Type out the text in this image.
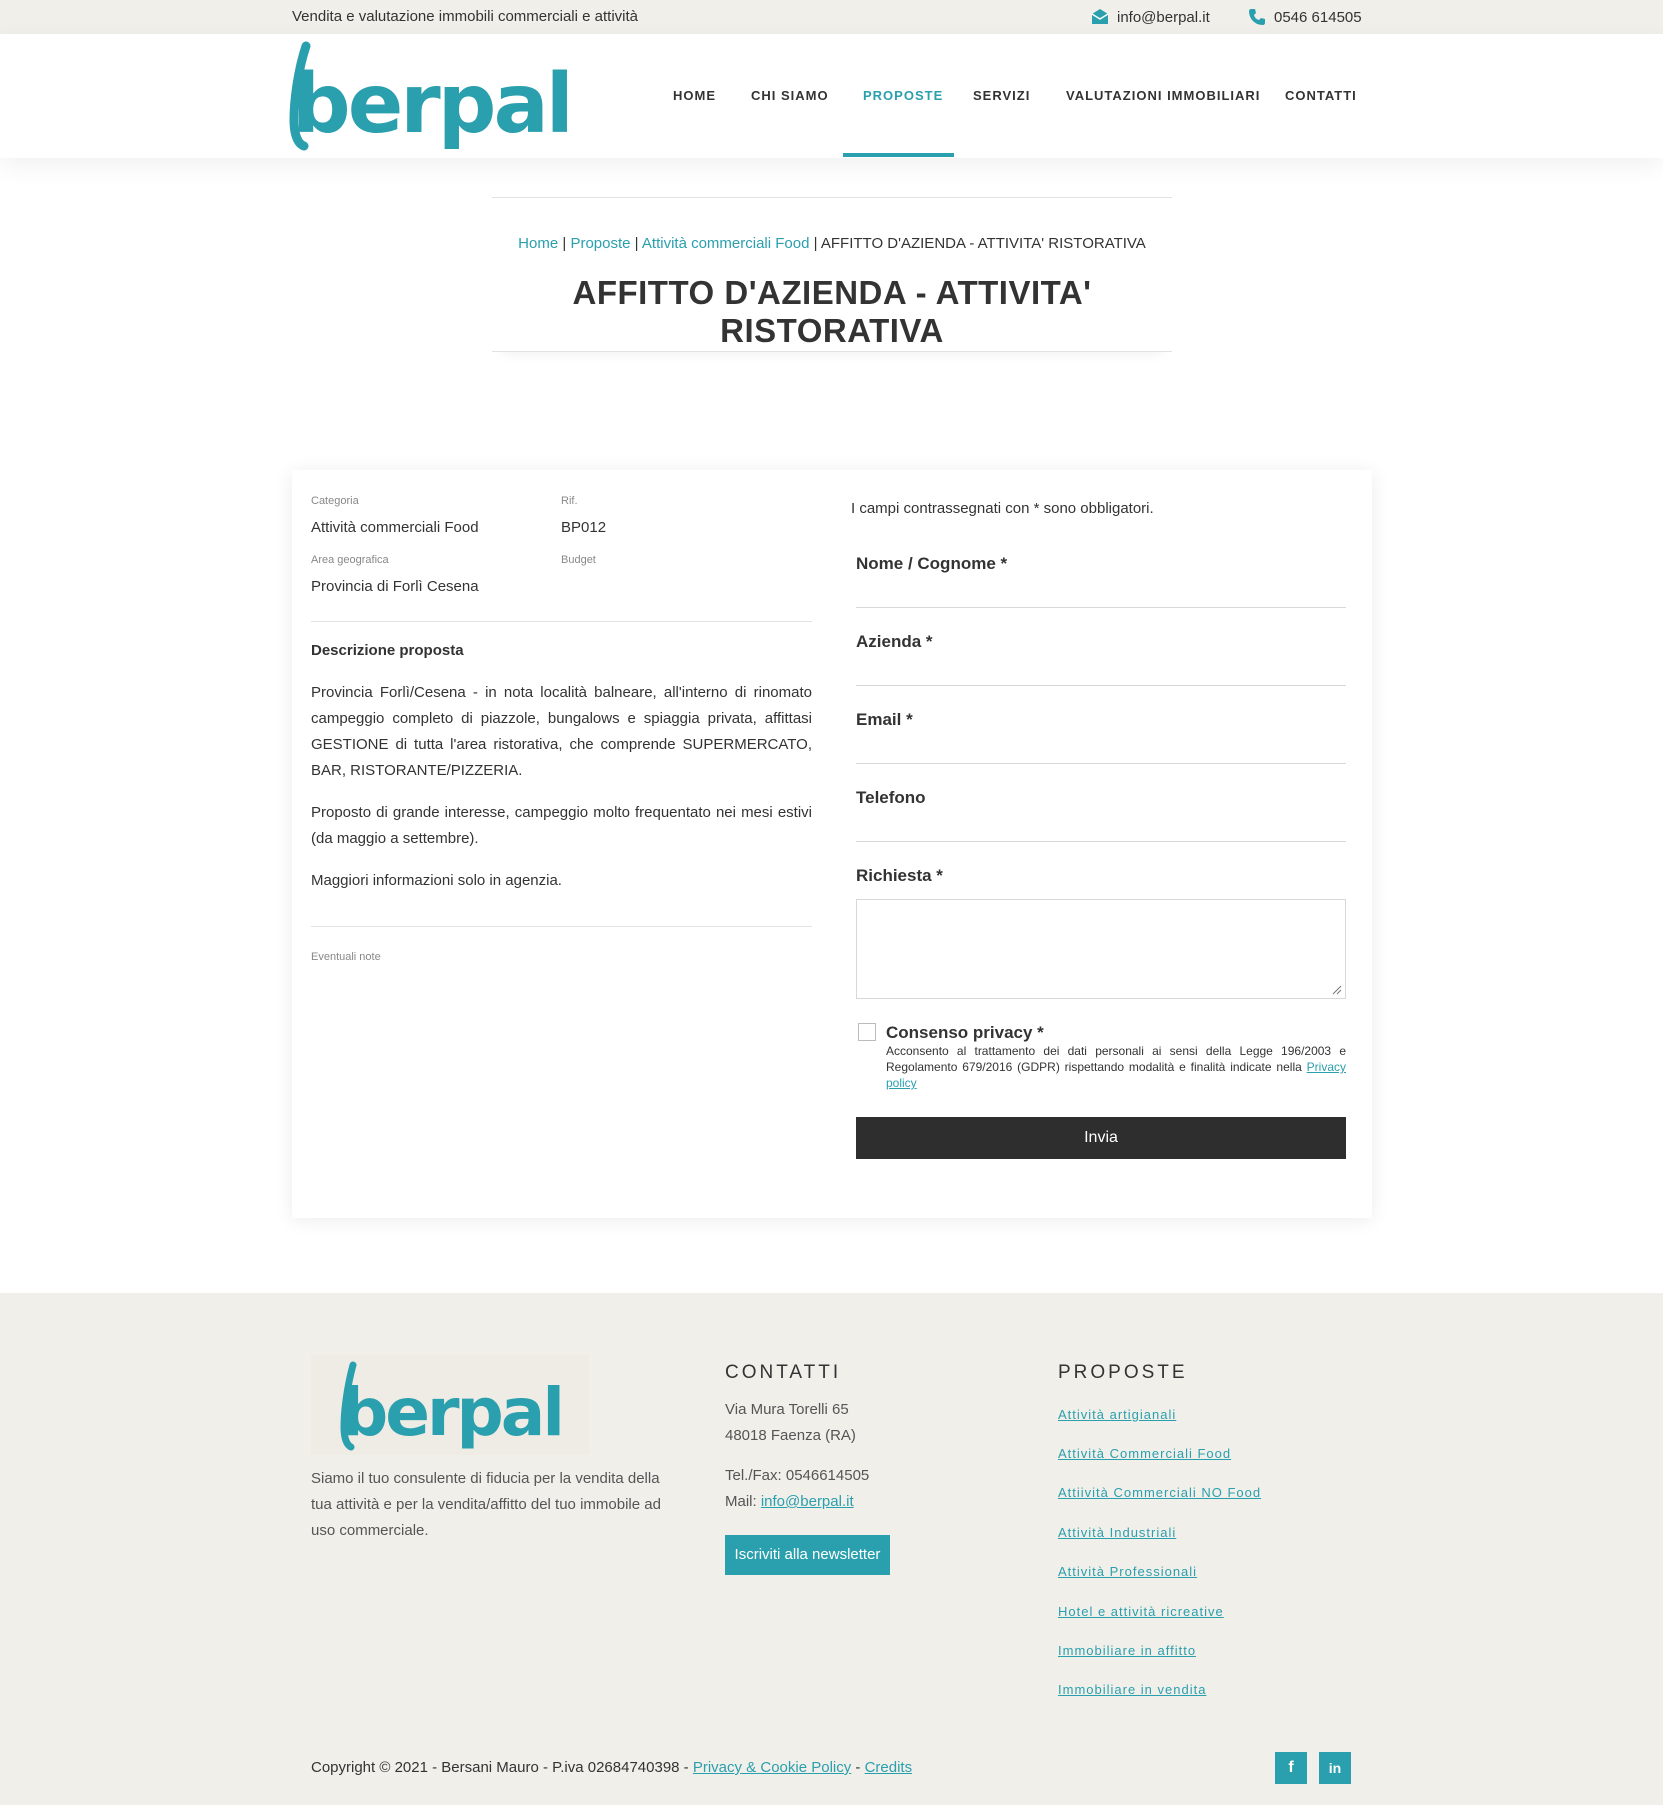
Vendita e valutazione immobili commerciali e attività	info@berpal.it	0546 614505
berpal	HOME	CHI SIAMO	PROPOSTE SERVIZI	VALUTAZIONI IMMOBILIARI CONTATTI
Home | Proposte | Attività commerciali Food | AFFITTO D'AZIENDA - ATTIVITA' RISTORATIVA
AFFITTO D'AZIENDA - ATTIVITA' RISTORATIVA
Categoria
Attività commerciali Food
Rif.
BP012
Area geografica
Provincia di Forlì Cesena
Budget
Descrizione proposta

Provincia Forlì/Cesena - in nota località balneare, all'interno di rinomato campeggio completo di piazzole, bungalows e spiaggia privata, affittasi GESTIONE di tutta l'area ristorativa, che comprende SUPERMERCATO, BAR, RISTORANTE/PIZZERIA.

Proposto di grande interesse, campeggio molto frequentato nei mesi estivi (da maggio a settembre).

Maggiori informazioni solo in agenzia.

Eventuali note
I campi contrassegnati con * sono obbligatori.
Nome / Cognome *
Azienda *
Email *
Telefono
Richiesta *
Consenso privacy *
Acconsento al trattamento dei dati personali ai sensi della Legge 196/2003 e Regolamento 679/2016 (GDPR) rispettando modalità e finalità indicate nella Privacy policy
Invia
berpal

Siamo il tuo consulente di fiducia per la vendita della tua attività e per la vendita/affitto del tuo immobile ad uso commerciale.

CONTATTI
Via Mura Torelli 65
48018 Faenza (RA)
Tel./Fax: 0546614505
Mail: info@berpal.it
Iscriviti alla newsletter
PROPOSTE
Attività artigianali
Attività Commerciali Food
Attiività Commerciali NO Food
Attività Industriali
Attività Professionali
Hotel e attività ricreative
Immobiliare in affitto
Immobiliare in vendita
Copyright © 2021 - Bersani Mauro - P.iva 02684740398 - Privacy & Cookie Policy - Credits	f	in
